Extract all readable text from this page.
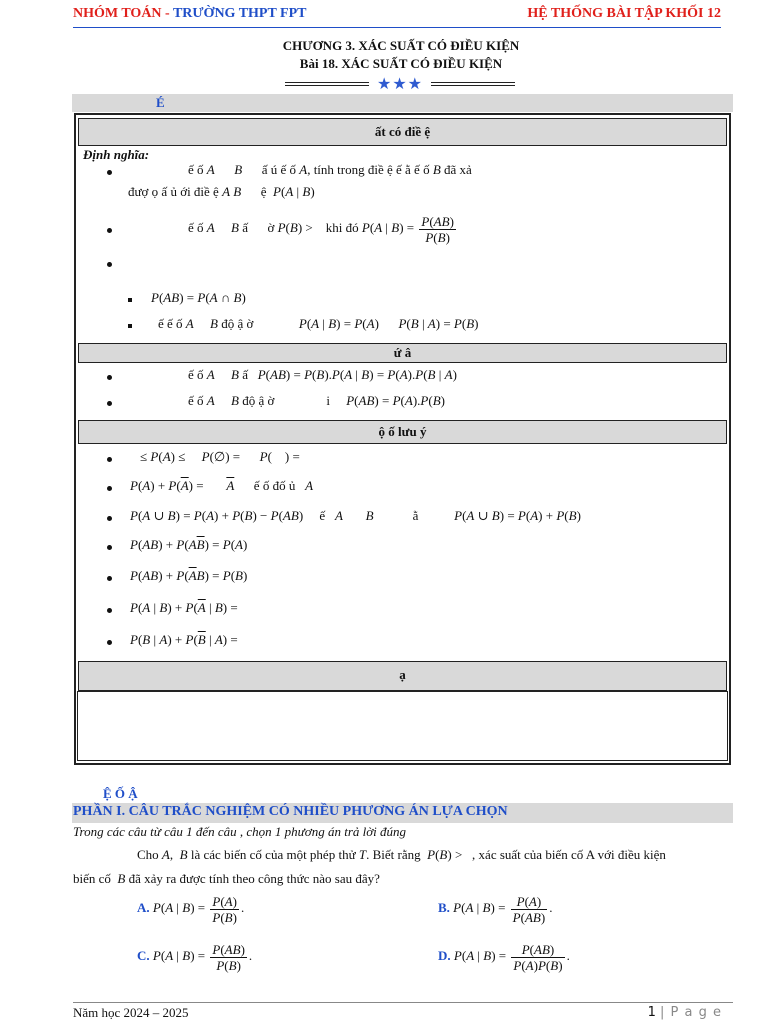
NHÓM TOÁN - TRƯỜNG THPT FPT	HỆ THỐNG BÀI TẬP KHỐI 12
CHƯƠNG 3. XÁC SUẤT CÓ ĐIỀU KIỆN
Bài 18. XÁC SUẤT CÓ ĐIỀU KIỆN
★★★
É
ất có điề ệ
Định nghĩa:
ế ố A B ấ ú ế ố A, tính trong điề ệ ế ằ ế ố B đã xả
đượ ọ ấ ủ ới điề ệ A B ệ P(A | B)
ế ố A B ấ ờ P(B) >    khi đó P(A | $B) = \frac{P(AB)}{P(B)}$
P(AB) = P(A ∩ B)
ế ế ố A B độ ậ ờ	P(A | B) = P(A)      P(B | A) = P(B)
ứ â
ế ố A B ấ P(AB) = P(B).P(A | B) = P(A).P(B | A)
ế ố A B độ ậ ờ	i P(AB) = P(A).P(B)
ộ ố lưu ý
≤ P(A) ≤     P(∅) =      P(    ) =
$P(A) + P(\overline{A})$ =       $\overline{A}$ ế ố đố ủ A
P(A ∪ B) = P(A) + P(B) − P(AB)     ế A B	ằ	P(A ∪ B) = P(A) + P(B)
$P(AB) + P(A\overline{B}) = P(A)$
$P(AB) + P(\overline{A}B) = P(B)$
P(A | $B) + P(\overline{A}$ | B) =
P(B | $A) + P(\overline{B}$ | A) =
ạ
Ệ Ố Ậ
PHẦN I. CÂU TRẮC NGHIỆM CÓ NHIỀU PHƯƠNG ÁN LỰA CHỌN
Trong các câu từ câu 1 đến câu , chọn 1 phương án trả lời đúng
Cho A,  B là các biến cố của một phép thử T. Biết rằng P(B) >   , xác suất của biến cố A với điều kiện
biến cố B đã xảy ra được tính theo công thức nào sau đây?
A. P(A | $B) = \frac{P(A)}{P(B)}$ .	B. P(A | $B) = \frac{P(A)}{P(AB)}$ .
C. P(A | $B) = \frac{P(AB)}{P(B)}$ .	D. P(A | $B) = \frac{P(AB)}{P(A)P(B)}$ .
Năm học 2024 – 2025	1 | P a g e
